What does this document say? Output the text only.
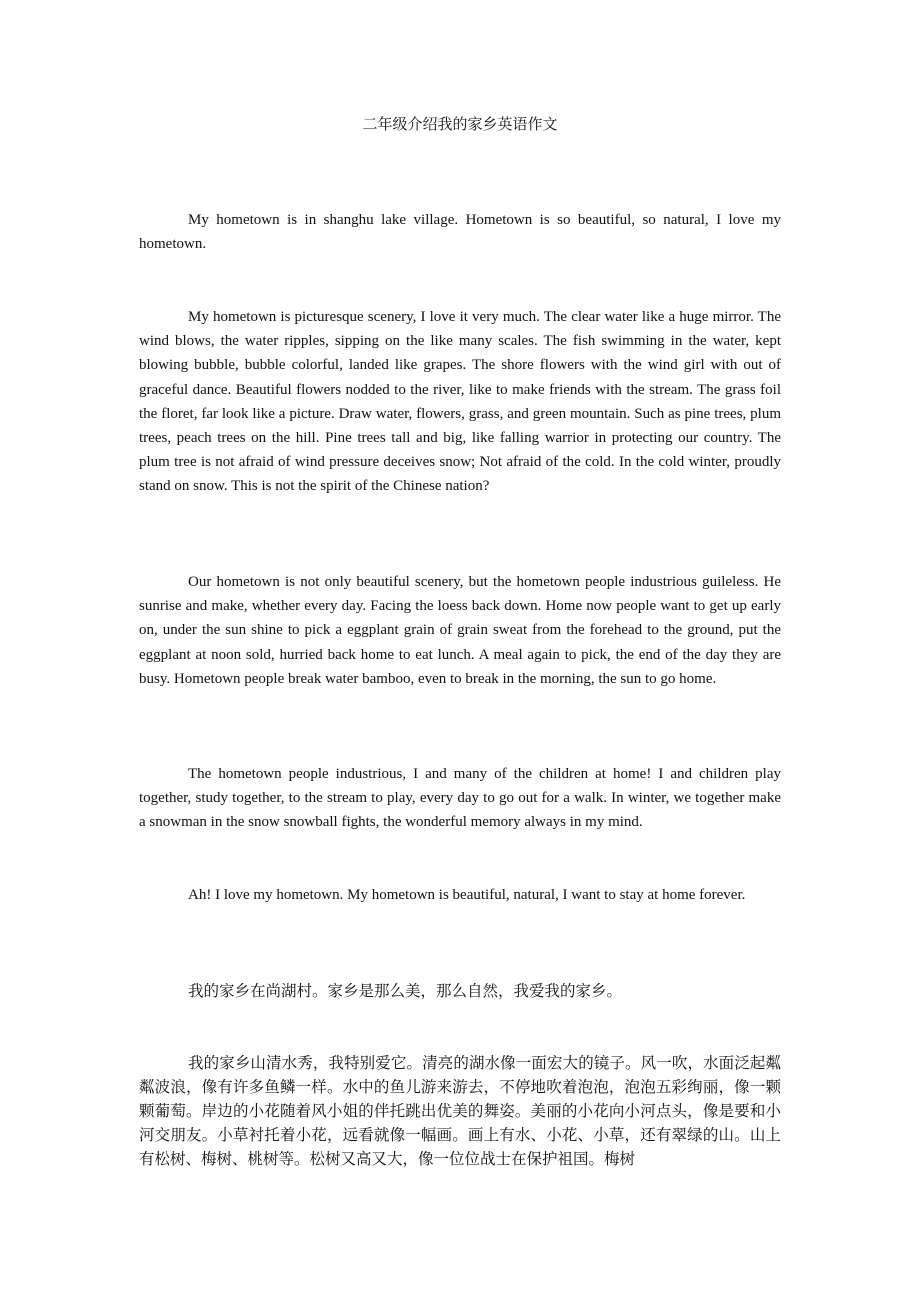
二年级介绍我的家乡英语作文

My hometown is in shanghu lake village. Hometown is so beautiful, so natural, I love my hometown.

My hometown is picturesque scenery, I love it very much. The clear water like a huge mirror. The wind blows, the water ripples, sipping on the like many scales. The fish swimming in the water, kept blowing bubble, bubble colorful, landed like grapes. The shore flowers with the wind girl with out of graceful dance. Beautiful flowers nodded to the river, like to make friends with the stream. The grass foil the floret, far look like a picture. Draw water, flowers, grass, and green mountain. Such as pine trees, plum trees, peach trees on the hill. Pine trees tall and big, like falling warrior in protecting our country. The plum tree is not afraid of wind pressure deceives snow; Not afraid of the cold. In the cold winter, proudly stand on snow. This is not the spirit of the Chinese nation?

Our hometown is not only beautiful scenery, but the hometown people industrious guileless. He sunrise and make, whether every day. Facing the loess back down. Home now people want to get up early on, under the sun shine to pick a eggplant grain of grain sweat from the forehead to the ground, put the eggplant at noon sold, hurried back home to eat lunch. A meal again to pick, the end of the day they are busy. Hometown people break water bamboo, even to break in the morning, the sun to go home.

The hometown people industrious, I and many of the children at home! I and children play together, study together, to the stream to play, every day to go out for a walk. In winter, we together make a snowman in the snow snowball fights, the wonderful memory always in my mind.

Ah! I love my hometown. My hometown is beautiful, natural, I want to stay at home forever.

我的家乡在尚湖村。家乡是那么美，那么自然，我爱我的家乡。

我的家乡山清水秀，我特别爱它。清亮的湖水像一面宏大的镜子。风一吹，水面泛起粼粼波浪，像有许多鱼鳞一样。水中的鱼儿游来游去，不停地吹着泡泡，泡泡五彩绚丽，像一颗颗葡萄。岸边的小花随着风小姐的伴托跳出优美的舞姿。美丽的小花向小河点头，像是要和小河交朋友。小草衬托着小花，远看就像一幅画。画上有水、小花、小草，还有翠绿的山。山上有松树、梅树、桃树等。松树又高又大，像一位位战士在保护祖国。梅树
